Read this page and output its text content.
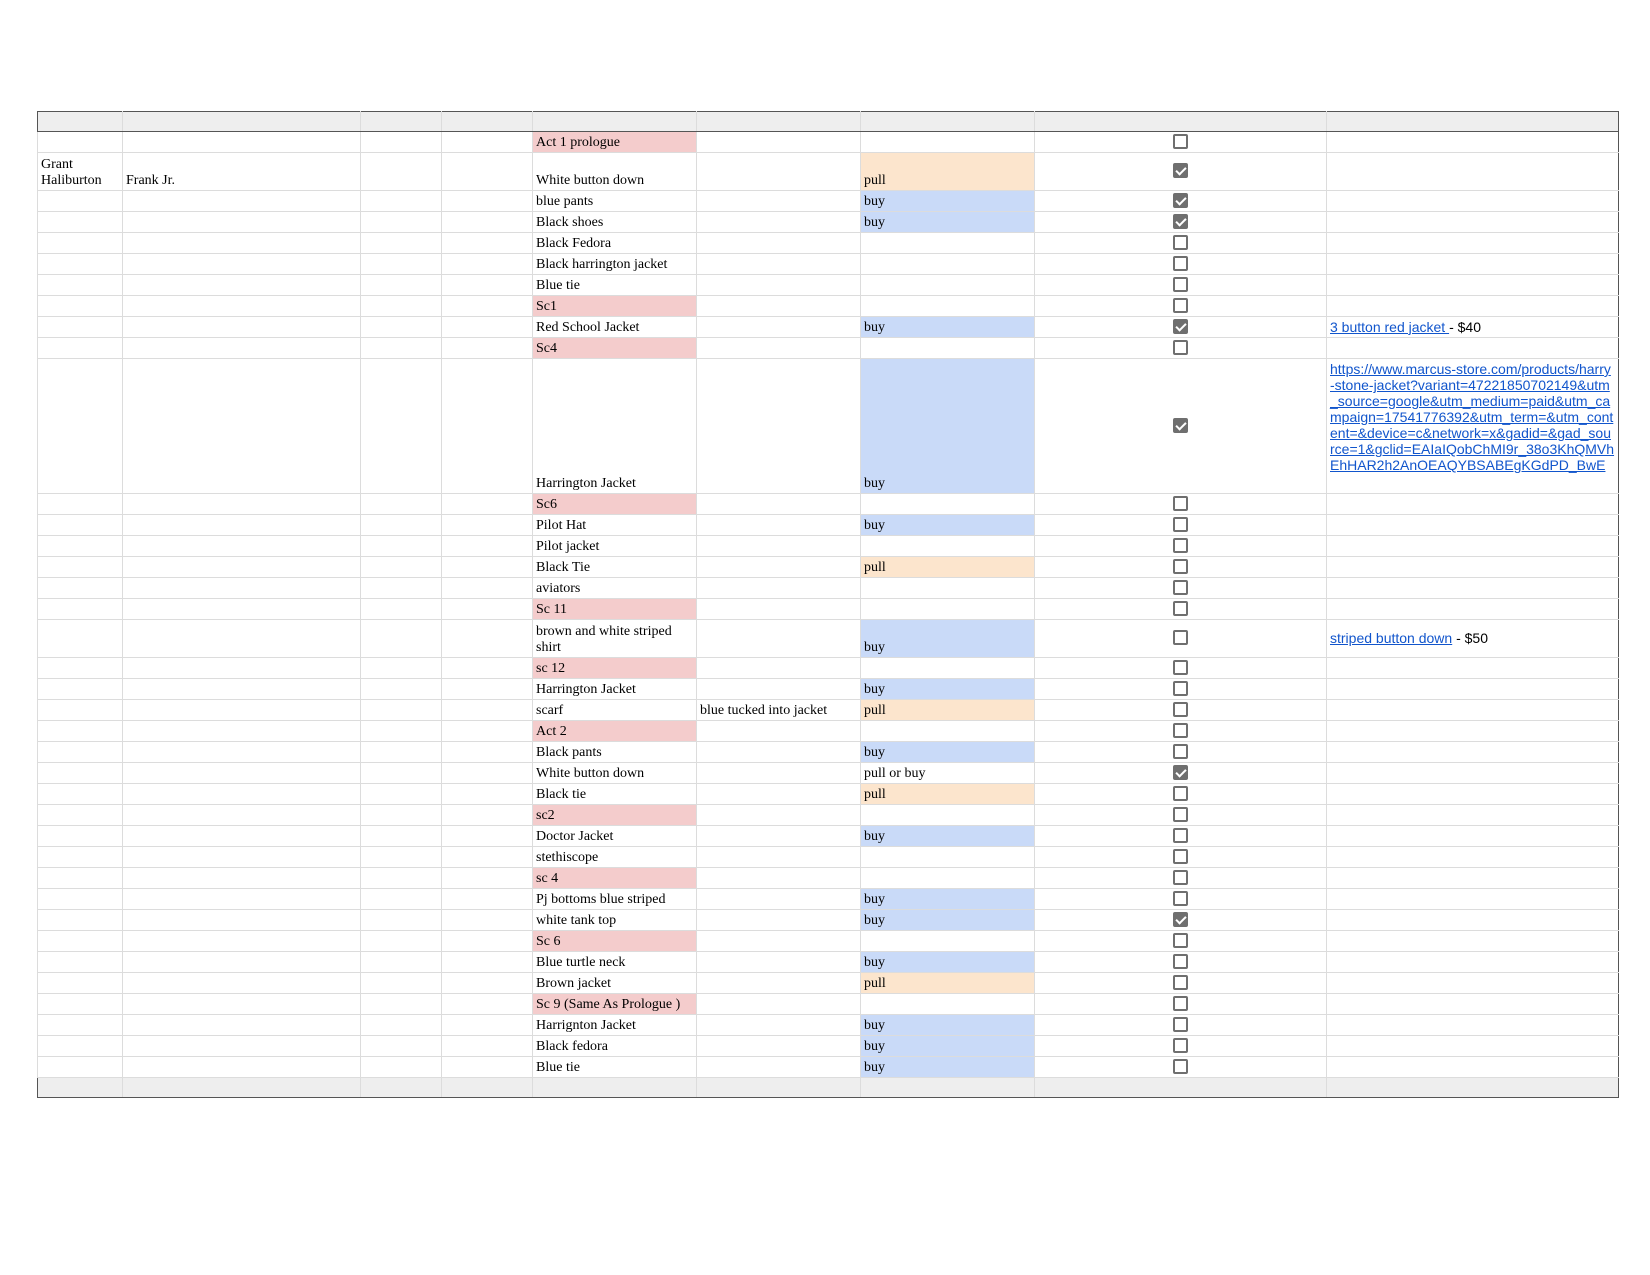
				Act 1 prologue				
Grant Haliburton	Frank Jr.			White button down		pull		
				blue pants		buy		
				Black shoes		buy		
				Black Fedora				
				Black harrington jacket				
				Blue tie				
				Sc1				
				Red School Jacket		buy		3 button red jacket - $40
				Sc4				
				Harrington Jacket		buy		https://www.marcus-store.com/products/harry-stone-jacket?variant=47221850702149&utm_source=google&utm_medium=paid&utm_campaign=17541776392&utm_term=&utm_content=&device=c&network=x&gadid=&gad_source=1&gclid=EAIaIQobChMI9r_38o3KhQMVhEhHAR2h2AnOEAQYBSABEgKGdPD_BwE
				Sc6				
				Pilot Hat		buy		
				Pilot jacket				
				Black Tie		pull		
				aviators				
				Sc 11				
				brown and white striped shirt		buy		striped button down - $50
				sc 12				
				Harrington Jacket		buy		
				scarf	blue tucked into jacket	pull		
				Act 2				
				Black pants		buy		
				White button down		pull or buy		
				Black tie		pull		
				sc2				
				Doctor Jacket		buy		
				stethiscope				
				sc 4				
				Pj bottoms blue striped		buy		
				white tank top		buy		
				Sc 6				
				Blue turtle neck		buy		
				Brown jacket		pull		
				Sc 9 (Same As Prologue )				
				Harrignton Jacket		buy		
				Black fedora		buy		
				Blue tie		buy		
